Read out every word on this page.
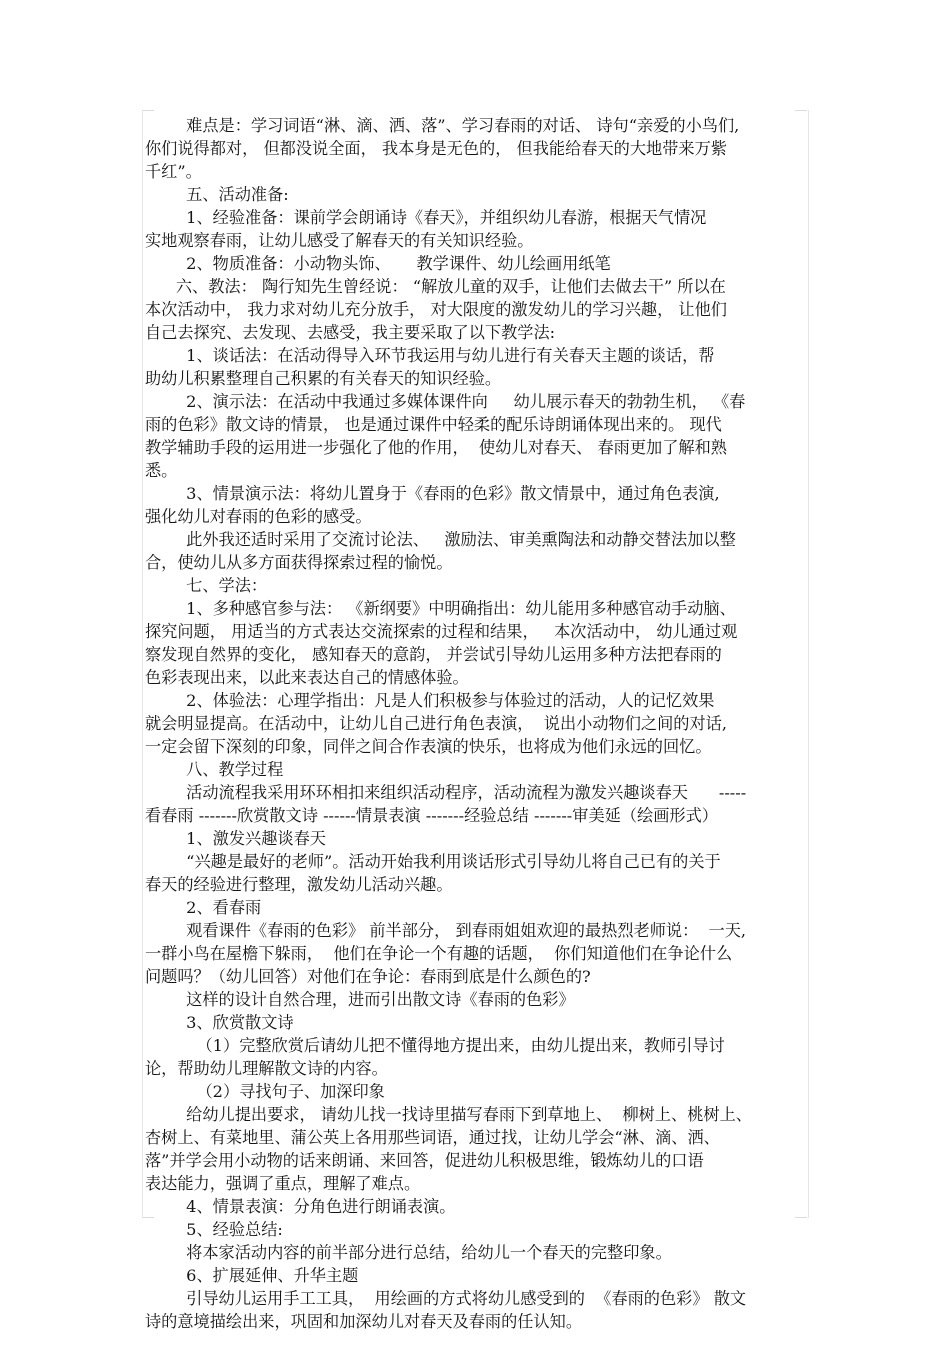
难点是：学习词语“淋、滴、洒、落”、学习春雨的对话、 诗句“亲爱的小鸟们,
你们说得都对， 但都没说全面， 我本身是无色的， 但我能给春天的大地带来万紫
千红”。
五、活动准备:
1、经验准备：课前学会朗诵诗《春天》，并组织幼儿春游，根据天气情况
实地观察春雨，让幼儿感受了解春天的有关知识经验。
2、物质准备：小动物头饰、     教学课件、幼儿绘画用纸笔
六、教法： 陶行知先生曾经说： “解放儿童的双手，让他们去做去干” 所以在
本次活动中， 我力求对幼儿充分放手， 对大限度的激发幼儿的学习兴趣， 让他们
自己去探究、去发现、去感受，我主要采取了以下教学法:
1、谈话法：在活动得导入环节我运用与幼儿进行有关春天主题的谈话，帮
助幼儿积累整理自己积累的有关春天的知识经验。
2、演示法：在活动中我通过多媒体课件向     幼儿展示春天的勃勃生机， 《春
雨的色彩》散文诗的情景， 也是通过课件中轻柔的配乐诗朗诵体现出来的。 现代
教学辅助手段的运用进一步强化了他的作用，  使幼儿对春天、 春雨更加了解和熟
悉。
3、情景演示法：将幼儿置身于《春雨的色彩》散文情景中，通过角色表演,
强化幼儿对春雨的色彩的感受。
此外我还适时采用了交流讨论法、   激励法、审美熏陶法和动静交替法加以整
合，使幼儿从多方面获得探索过程的愉悦。
七、学法：
1、多种感官参与法： 《新纲要》中明确指出：幼儿能用多种感官动手动脑、
探究问题， 用适当的方式表达交流探索的过程和结果，   本次活动中， 幼儿通过观
察发现自然界的变化， 感知春天的意韵， 并尝试引导幼儿运用多种方法把春雨的
色彩表现出来，以此来表达自己的情感体验。
2、体验法：心理学指出：凡是人们积极参与体验过的活动，人的记忆效果
就会明显提高。在活动中，让幼儿自己进行角色表演，  说出小动物们之间的对话,
一定会留下深刻的印象，同伴之间合作表演的快乐，也将成为他们永远的回忆。
八、教学过程
活动流程我采用环环相扣来组织活动程序，活动流程为激发兴趣谈春天      -----
看春雨 -------欣赏散文诗 ------情景表演 -------经验总结 -------审美延（绘画形式）
1、激发兴趣谈春天
“兴趣是最好的老师”。活动开始我利用谈话形式引导幼儿将自己已有的关于
春天的经验进行整理，激发幼儿活动兴趣。
2、看春雨
观看课件《春雨的色彩》 前半部分， 到春雨姐姐欢迎的最热烈老师说：  一天,
一群小鸟在屋檐下躲雨，  他们在争论一个有趣的话题，  你们知道他们在争论什么
问题吗？（幼儿回答）对他们在争论：春雨到底是什么颜色的?
这样的设计自然合理，进而引出散文诗《春雨的色彩》
3、欣赏散文诗
（1）完整欣赏后请幼儿把不懂得地方提出来，由幼儿提出来，教师引导讨
论，帮助幼儿理解散文诗的内容。
（2）寻找句子、加深印象
给幼儿提出要求， 请幼儿找一找诗里描写春雨下到草地上、  柳树上、桃树上、
杏树上、有菜地里、蒲公英上各用那些词语，通过找，让幼儿学会“淋、滴、洒、
落”并学会用小动物的话来朗诵、来回答，促进幼儿积极思维，锻炼幼儿的口语
表达能力，强调了重点，理解了难点。
4、情景表演：分角色进行朗诵表演。
5、经验总结:
将本家活动内容的前半部分进行总结，给幼儿一个春天的完整印象。
6、扩展延伸、升华主题
引导幼儿运用手工工具，  用绘画的方式将幼儿感受到的  《春雨的色彩》 散文
诗的意境描绘出来，巩固和加深幼儿对春天及春雨的任认知。
